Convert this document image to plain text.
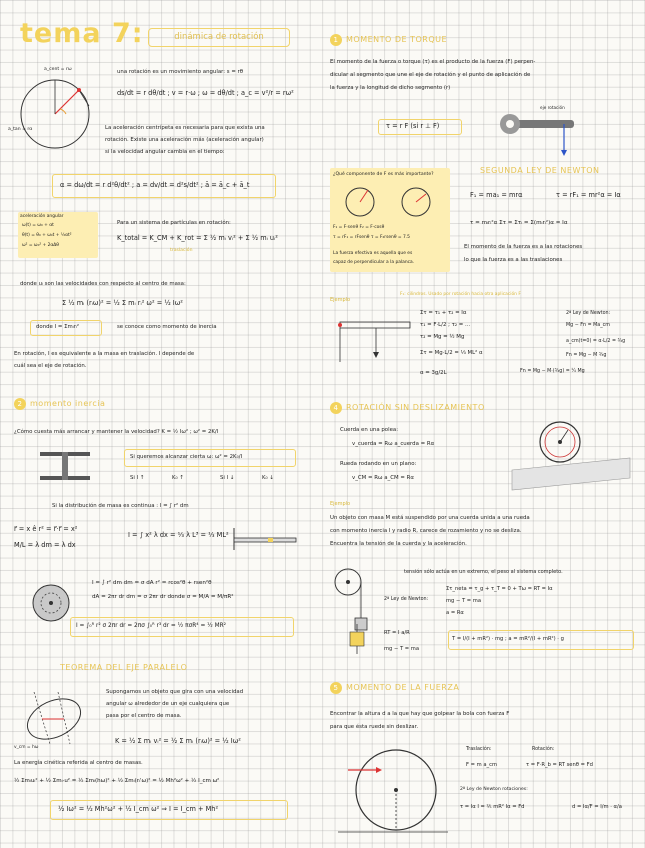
tema 7:	dinámica de rotación
a_cent = rω
a_tan = rα
una rotación es un movimiento angular: s = rθ
ds/dt = r dθ/dt ; v = r·ω ; ω = dθ/dt ; a_c = v²/r = rω²
La aceleración centrípeta es necesaria para que exista una
rotación. Existe una aceleración más (aceleración angular)
si la velocidad angular cambia en el tiempo:
α = dω/dt = r d²θ/dt² ; a = dv/dt = d²s/dt² ; ā = ā_c + ā_t
aceleración angular
ω(t) = ω₀ + αt
θ(t) = θ₀ + ω₀t + ½αt²
ω² = ω₀² + 2αΔθ
Para un sistema de partículas en rotación:
K_total = K_CM + K_rot = Σ ½ mᵢ vᵢ² + Σ ½ mᵢ uᵢ²
traslación
donde uᵢ son las velocidades con respecto al centro de masa:
Σ ½ mᵢ (rᵢω)² = ½ Σ mᵢ rᵢ² ω² = ½ Iω²
donde I = Σmᵢrᵢ²	se conoce como momento de inercia
En rotación, I es equivalente a la masa en traslación. I depende de
cuál sea el eje de rotación.
2 momento inercia
¿Cómo cuesta más arrancar y mantener la velocidad? K = ½ Iω² ; ω² = 2K/I
Si queremos alcanzar cierta ω: ω² = 2K₀/I
Si I ↑	K₀ ↑	Si I ↓	K₀ ↓
Si la distribución de masa es continua : I = ∫ r² dm
r⃗ = x ê r² = r⃗·r⃗ = x²
M/L = λ dm = λ dx
I = ∫ x² λ dx = ⅓ λ L³ = ⅓ ML²
I = ∫ r² dm dm = σ dA r² = rcos²θ + rsen²θ
dA = 2πr dr dm = σ 2πr dr donde σ = M/A = M/πR²
I = ∫₀ᴿ r² σ 2πr dr = 2πσ ∫₀ᴿ r³ dr = ½ πσR⁴ = ½ MR²
TEOREMA DEL EJE PARALELO
v_cm = hω
Supongamos un objeto que gira con una velocidad
angular ω alrededor de un eje cualquiera que
pasa por el centro de masa.
K = ½ Σ mᵢ vᵢ² = ½ Σ mᵢ (rᵢω)² = ½ Iω²
La energía cinética referida al centro de masas.
½ Σmᵢuᵢ² + ½ Σmᵢ·u² = ½ Σmᵢ(hω)² + ½ Σmᵢ(rᵢ'ω)² = ½ Mh²ω² + ½ I_cm ω²
½ Iω² = ½ Mh²ω² + ½ I_cm ω² ⇒ I = I_cm + Mh²
1 MOMENTO DE TORQUE
El momento de la fuerza o torque (τ) es el producto de la fuerza (F) perpen-
dicular al segmento que une el eje de rotación y el punto de aplicación de
la fuerza y la longitud de dicho segmento (r)
τ = r F (si r ⊥ F)
eje rotación
¿Qué componente de F es más importante?
F₁ = F·senθ F₂ = F·cosθ
τ = rF₁ = rFsenθ τ = F₂rsenθ = 7.5
La fuerza efectiva es aquella que es
capaz de perpendicular a la palanca.
SEGUNDA LEY DE NEWTON
F₁ = ma₁ = mrα	τ = rF₁ = mr²α = Iα
τ = mᵢrᵢ²α Στ = Στᵢ = Σ(mᵢrᵢ²)α = Iα
El momento de la fuerza es a las rotaciones
lo que la fuerza es a las traslaciones
F₁: cilindros. Usado por rotación hacia otra aplicación F
Ejemplo
Στ = τ₁ + τ₂ = Iα
τ₁ = F·L/2 ; τ₂ = ...
τ₂ = Mg = ½ Mg
Στ = Mg·L/2 = ⅓ ML² α
α = 3g/2L
2ª Ley de Newton:
Mg − Fn = Ma_cm
a_cm(t=0) = α·L/2 = ¾g
Fn = Mg − M ¾g
Fn = Mg − M·(¾g) = ¼ Mg
4 ROTACIÓN SIN DESLIZAMIENTO
Cuerda en una polea:
v_cuerda = Rω a_cuerda = Rα
Rueda rodando en un plano:
v_CM = Rω a_CM = Rα
Ejemplo
Un objeto con masa M está suspendido por una cuerda unida a una rueda
con momento inercia I y radio R, carece de rozamiento y no se desliza.
Encuentra la tensión de la cuerda y la aceleración.
tensión sólo actúa en un extremo, el peso al sistema completo.
2ª Ley de Newton:
Στ_neta = τ_g + τ_T = 0 + Tω = RT = Iα
mg − T = ma
a = Rα
RT = I a/R
mg − T = ma
T = I/(I + mR²) · mg ; a = mR²/(I + mR²) · g
5 MOMENTO DE LA FUERZA
Encontrar la altura d a la que hay que golpear la bola con fuerza F
para que ésta ruede sin deslizar.
Traslación:	Rotación:
F = m a_cm	τ = F·R_b = RT senθ = Fd
2ª Ley de Newton rotaciones:
τ = Iα I = ⅖ mR² Iα = Fd	d = Iα/F = I/m · α/a
